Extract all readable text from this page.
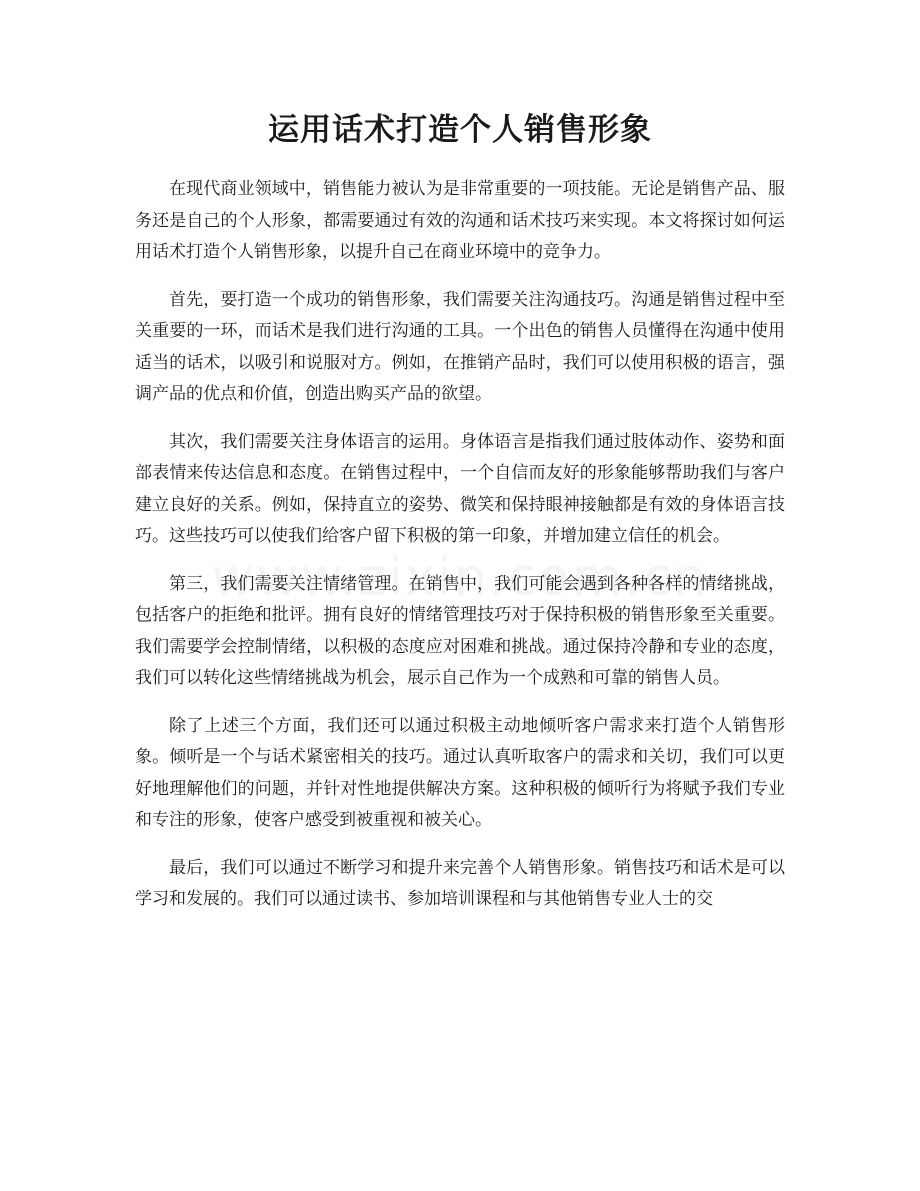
运用话术打造个人销售形象

在现代商业领域中，销售能力被认为是非常重要的一项技能。无论是销售产品、服务还是自己的个人形象，都需要通过有效的沟通和话术技巧来实现。本文将探讨如何运用话术打造个人销售形象，以提升自己在商业环境中的竞争力。

首先，要打造一个成功的销售形象，我们需要关注沟通技巧。沟通是销售过程中至关重要的一环，而话术是我们进行沟通的工具。一个出色的销售人员懂得在沟通中使用适当的话术，以吸引和说服对方。例如，在推销产品时，我们可以使用积极的语言，强调产品的优点和价值，创造出购买产品的欲望。

其次，我们需要关注身体语言的运用。身体语言是指我们通过肢体动作、姿势和面部表情来传达信息和态度。在销售过程中，一个自信而友好的形象能够帮助我们与客户建立良好的关系。例如，保持直立的姿势、微笑和保持眼神接触都是有效的身体语言技巧。这些技巧可以使我们给客户留下积极的第一印象，并增加建立信任的机会。

第三，我们需要关注情绪管理。在销售中，我们可能会遇到各种各样的情绪挑战，包括客户的拒绝和批评。拥有良好的情绪管理技巧对于保持积极的销售形象至关重要。我们需要学会控制情绪，以积极的态度应对困难和挑战。通过保持冷静和专业的态度，我们可以转化这些情绪挑战为机会，展示自己作为一个成熟和可靠的销售人员。

除了上述三个方面，我们还可以通过积极主动地倾听客户需求来打造个人销售形象。倾听是一个与话术紧密相关的技巧。通过认真听取客户的需求和关切，我们可以更好地理解他们的问题，并针对性地提供解决方案。这种积极的倾听行为将赋予我们专业和专注的形象，使客户感受到被重视和被关心。

最后，我们可以通过不断学习和提升来完善个人销售形象。销售技巧和话术是可以学习和发展的。我们可以通过读书、参加培训课程和与其他销售专业人士的交
